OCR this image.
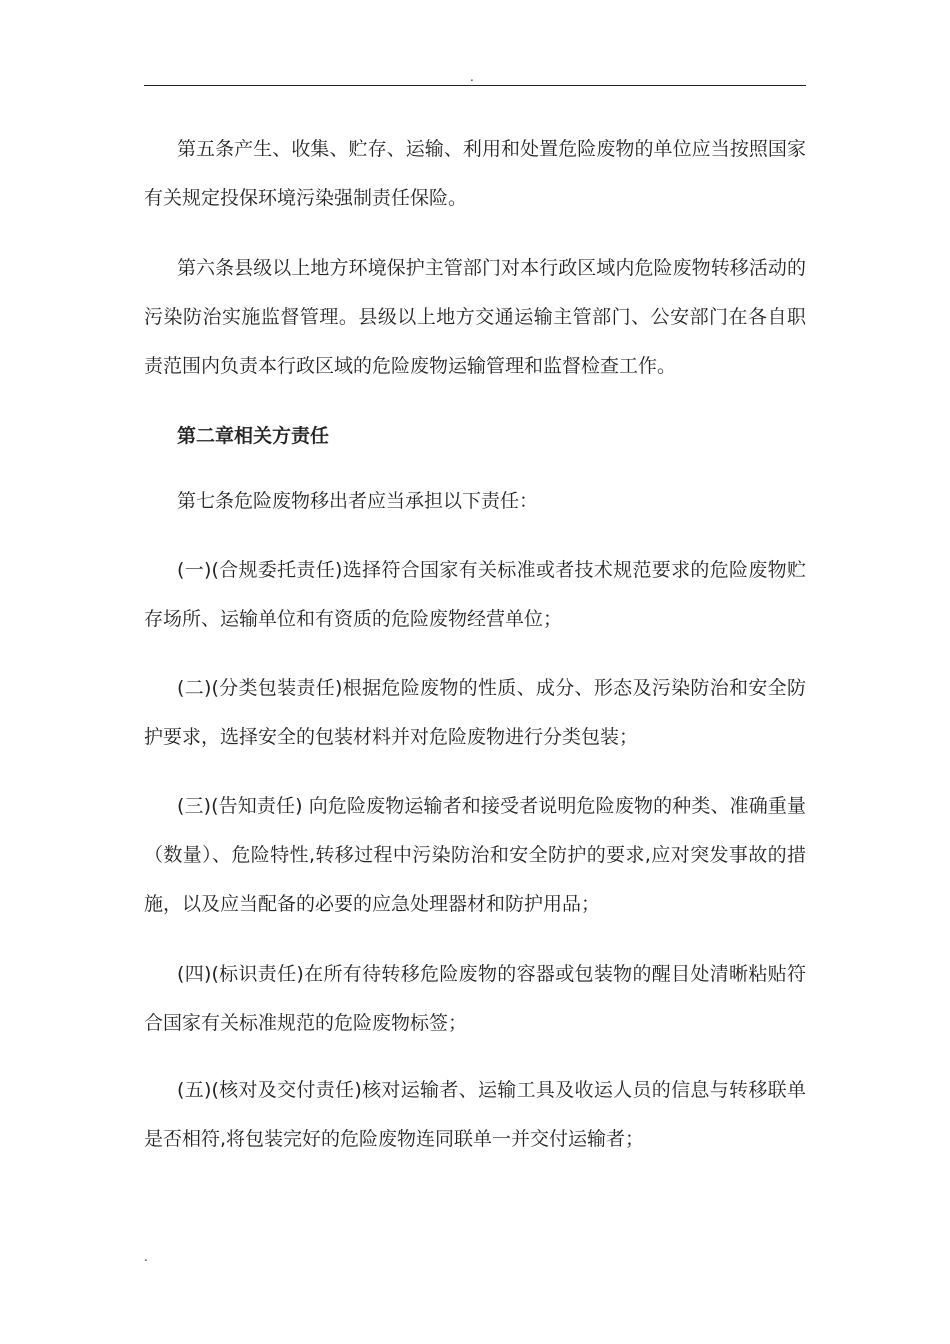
.

第五条产生、收集、贮存、运输、利用和处置危险废物的单位应当按照国家有关规定投保环境污染强制责任保险。

第六条县级以上地方环境保护主管部门对本行政区域内危险废物转移活动的污染防治实施监督管理。县级以上地方交通运输主管部门、公安部门在各自职责范围内负责本行政区域的危险废物运输管理和监督检查工作。

第二章相关方责任

第七条危险废物移出者应当承担以下责任：

(一)(合规委托责任)选择符合国家有关标准或者技术规范要求的危险废物贮存场所、运输单位和有资质的危险废物经营单位；

(二)(分类包装责任)根据危险废物的性质、成分、形态及污染防治和安全防护要求，选择安全的包装材料并对危险废物进行分类包装；

(三)(告知责任) 向危险废物运输者和接受者说明危险废物的种类、准确重量（数量）、危险特性,转移过程中污染防治和安全防护的要求,应对突发事故的措施，以及应当配备的必要的应急处理器材和防护用品；

(四)(标识责任)在所有待转移危险废物的容器或包装物的醒目处清晰粘贴符合国家有关标准规范的危险废物标签；

(五)(核对及交付责任)核对运输者、运输工具及收运人员的信息与转移联单是否相符,将包装完好的危险废物连同联单一并交付运输者；

.
